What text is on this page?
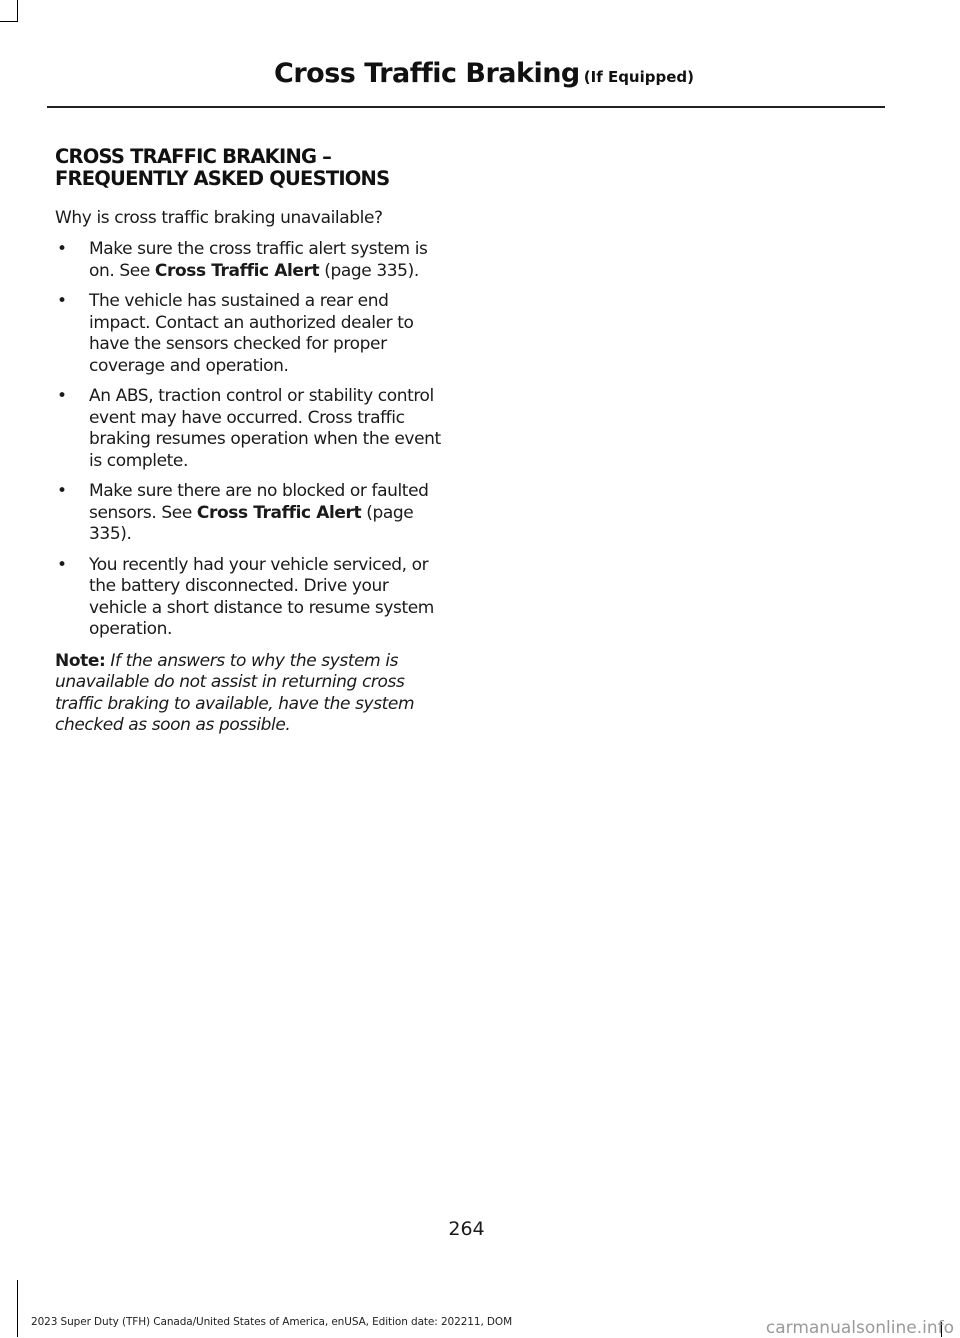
Cross Traffic Braking (If Equipped)
CROSS TRAFFIC BRAKING – FREQUENTLY ASKED QUESTIONS

Why is cross traffic braking unavailable?

• Make sure the cross traffic alert system is on. See Cross Traffic Alert (page 335).
• The vehicle has sustained a rear end impact. Contact an authorized dealer to have the sensors checked for proper coverage and operation.
• An ABS, traction control or stability control event may have occurred. Cross traffic braking resumes operation when the event is complete.
• Make sure there are no blocked or faulted sensors. See Cross Traffic Alert (page 335).
• You recently had your vehicle serviced, or the battery disconnected. Drive your vehicle a short distance to resume system operation.

Note: If the answers to why the system is unavailable do not assist in returning cross traffic braking to available, have the system checked as soon as possible.

264
2023 Super Duty (TFH) Canada/United States of America, enUSA, Edition date: 202211, DOM	carmanualsonline.info
